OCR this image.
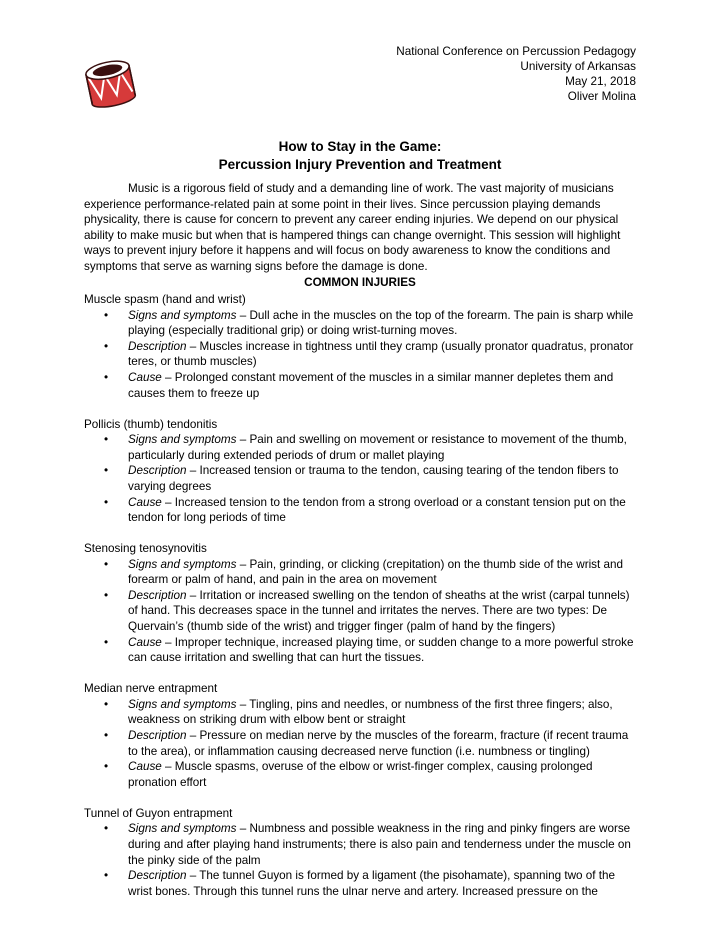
National Conference on Percussion Pedagogy
University of Arkansas
May 21, 2018
Oliver Molina
How to Stay in the Game:
Percussion Injury Prevention and Treatment

Music is a rigorous field of study and a demanding line of work. The vast majority of musicians experience performance-related pain at some point in their lives. Since percussion playing demands physicality, there is cause for concern to prevent any career ending injuries. We depend on our physical ability to make music but when that is hampered things can change overnight. This session will highlight ways to prevent injury before it happens and will focus on body awareness to know the conditions and symptoms that serve as warning signs before the damage is done.

COMMON INJURIES
Muscle spasm (hand and wrist)
• Signs and symptoms – Dull ache in the muscles on the top of the forearm. The pain is sharp while playing (especially traditional grip) or doing wrist-turning moves.
• Description – Muscles increase in tightness until they cramp (usually pronator quadratus, pronator teres, or thumb muscles)
• Cause – Prolonged constant movement of the muscles in a similar manner depletes them and causes them to freeze up
Pollicis (thumb) tendonitis
• Signs and symptoms – Pain and swelling on movement or resistance to movement of the thumb, particularly during extended periods of drum or mallet playing
• Description – Increased tension or trauma to the tendon, causing tearing of the tendon fibers to varying degrees
• Cause – Increased tension to the tendon from a strong overload or a constant tension put on the tendon for long periods of time
Stenosing tenosynovitis
• Signs and symptoms – Pain, grinding, or clicking (crepitation) on the thumb side of the wrist and forearm or palm of hand, and pain in the area on movement
• Description – Irritation or increased swelling on the tendon of sheaths at the wrist (carpal tunnels) of hand. This decreases space in the tunnel and irritates the nerves. There are two types: De Quervain’s (thumb side of the wrist) and trigger finger (palm of hand by the fingers)
• Cause – Improper technique, increased playing time, or sudden change to a more powerful stroke can cause irritation and swelling that can hurt the tissues.
Median nerve entrapment
• Signs and symptoms – Tingling, pins and needles, or numbness of the first three fingers; also, weakness on striking drum with elbow bent or straight
• Description – Pressure on median nerve by the muscles of the forearm, fracture (if recent trauma to the area), or inflammation causing decreased nerve function (i.e. numbness or tingling)
• Cause – Muscle spasms, overuse of the elbow or wrist-finger complex, causing prolonged pronation effort
Tunnel of Guyon entrapment
• Signs and symptoms – Numbness and possible weakness in the ring and pinky fingers are worse during and after playing hand instruments; there is also pain and tenderness under the muscle on the pinky side of the palm
• Description – The tunnel Guyon is formed by a ligament (the pisohamate), spanning two of the wrist bones. Through this tunnel runs the ulnar nerve and artery. Increased pressure on the
